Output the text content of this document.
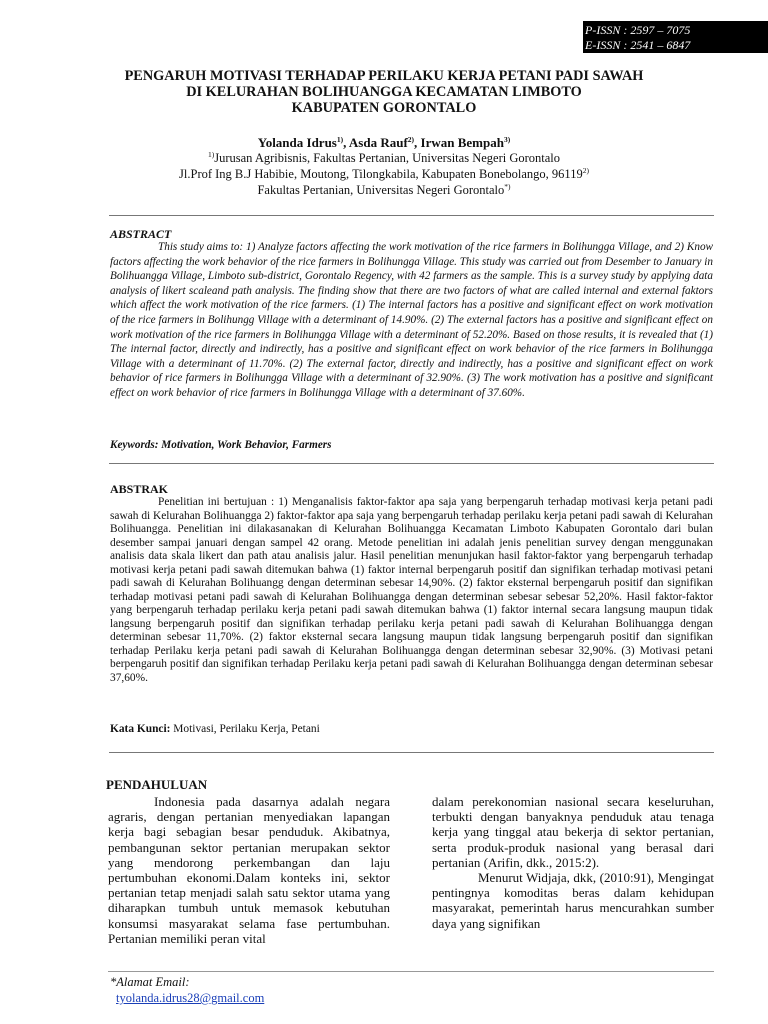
P-ISSN : 2597 – 7075
E-ISSN : 2541 – 6847
PENGARUH MOTIVASI TERHADAP PERILAKU KERJA PETANI PADI SAWAH
DI KELURAHAN BOLIHUANGGA KECAMATAN LIMBOTO
KABUPATEN GORONTALO
Yolanda Idrus$^{1)}$, Asda Rauf$^{2)}$, Irwan Bempah$^{3)}$
$^{1)}$Jurusan Agribisnis, Fakultas Pertanian, Universitas Negeri Gorontalo
Jl.Prof Ing B.J Habibie, Moutong, Tilongkabila, Kabupaten Bonebolango, 96119$^{2)}$
Fakultas Pertanian, Universitas Negeri Gorontalo*)
ABSTRACT
This study aims to: 1) Analyze factors affecting the work motivation of the rice farmers in Bolihungga Village, and 2) Know factors affecting the work behavior of the rice farmers in Bolihungga Village. This study was carried out from Desember to January in Bolihuangga Village, Limboto sub-district, Gorontalo Regency, with 42 farmers as the sample. This is a survey study by applying data analysis of likert scaleand path analysis. The finding show that there are two factors of what are called internal and external faktors which affect the work motivation of the rice farmers. (1) The internal factors has a positive and significant effect on work motivation of the rice farmers in Bolihungg Village with a determinant of 14.90%. (2) The external factors has a positive and significant effect on work motivation of the rice farmers in Bolihungga Village with a determinant of 52.20%. Based on those results, it is revealed that (1) The internal factor, directly and indirectly, has a positive and significant effect on work behavior of the rice farmers in Bolihungga Village with a determinant of 11.70%. (2) The external factor, directly and indirectly, has a positive and significant effect on work behavior of rice farmers in Bolihungga Village with a determinant of 32.90%. (3) The work motivation has a positive and significant effect on work behavior of rice farmers in Bolihungga Village with a determinant of 37.60%.
Keywords: Motivation, Work Behavior, Farmers
ABSTRAK
Penelitian ini bertujuan : 1) Menganalisis faktor-faktor apa saja yang berpengaruh terhadap motivasi kerja petani padi sawah di Kelurahan Bolihuangga 2) faktor-faktor apa saja yang berpengaruh terhadap perilaku kerja petani padi sawah di Kelurahan Bolihuangga. Penelitian ini dilakasanakan di Kelurahan Bolihuangga Kecamatan Limboto Kabupaten Gorontalo dari bulan desember sampai januari dengan sampel 42 orang. Metode penelitian ini adalah jenis penelitian survey dengan menggunakan analisis data skala likert dan path atau analisis jalur. Hasil penelitian menunjukan hasil faktor-faktor yang berpengaruh terhadap motivasi kerja petani padi sawah ditemukan bahwa (1) faktor internal berpengaruh positif dan signifikan terhadap motivasi petani padi sawah di Kelurahan Bolihuangg dengan determinan sebesar 14,90%. (2) faktor eksternal berpengaruh positif dan signifikan terhadap motivasi petani padi sawah di Kelurahan Bolihuangga dengan determinan sebesar sebesar 52,20%. Hasil faktor-faktor yang berpengaruh terhadap perilaku kerja petani padi sawah ditemukan bahwa (1) faktor internal secara langsung maupun tidak langsung berpengaruh positif dan signifikan terhadap perilaku kerja petani padi sawah di Kelurahan Bolihuangga dengan determinan sebesar 11,70%. (2) faktor eksternal secara langsung maupun tidak langsung berpengaruh positif dan signifikan terhadap Perilaku kerja petani padi sawah di Kelurahan Bolihuangga dengan determinan sebesar 32,90%. (3) Motivasi petani berpengaruh positif dan signifikan terhadap Perilaku kerja petani padi sawah di Kelurahan Bolihuangga dengan determinan sebesar 37,60%.
Kata Kunci: Motivasi, Perilaku Kerja, Petani
PENDAHULUAN

Indonesia pada dasarnya adalah negara agraris, dengan pertanian menyediakan lapangan kerja bagi sebagian besar penduduk. Akibatnya, pembangunan sektor pertanian merupakan sektor yang mendorong perkembangan dan laju pertumbuhan ekonomi.Dalam konteks ini, sektor pertanian tetap menjadi salah satu sektor utama yang diharapkan tumbuh untuk memasok kebutuhan konsumsi masyarakat selama fase pertumbuhan. Pertanian memiliki peran vital

dalam perekonomian nasional secara keseluruhan, terbukti dengan banyaknya penduduk atau tenaga kerja yang tinggal atau bekerja di sektor pertanian, serta produk-produk nasional yang berasal dari pertanian (Arifin, dkk., 2015:2).

Menurut Widjaja, dkk, (2010:91), Mengingat pentingnya komoditas beras dalam kehidupan masyarakat, pemerintah harus mencurahkan sumber daya yang signifikan

*Alamat Email:
tyolanda.idrus28@gmail.com
